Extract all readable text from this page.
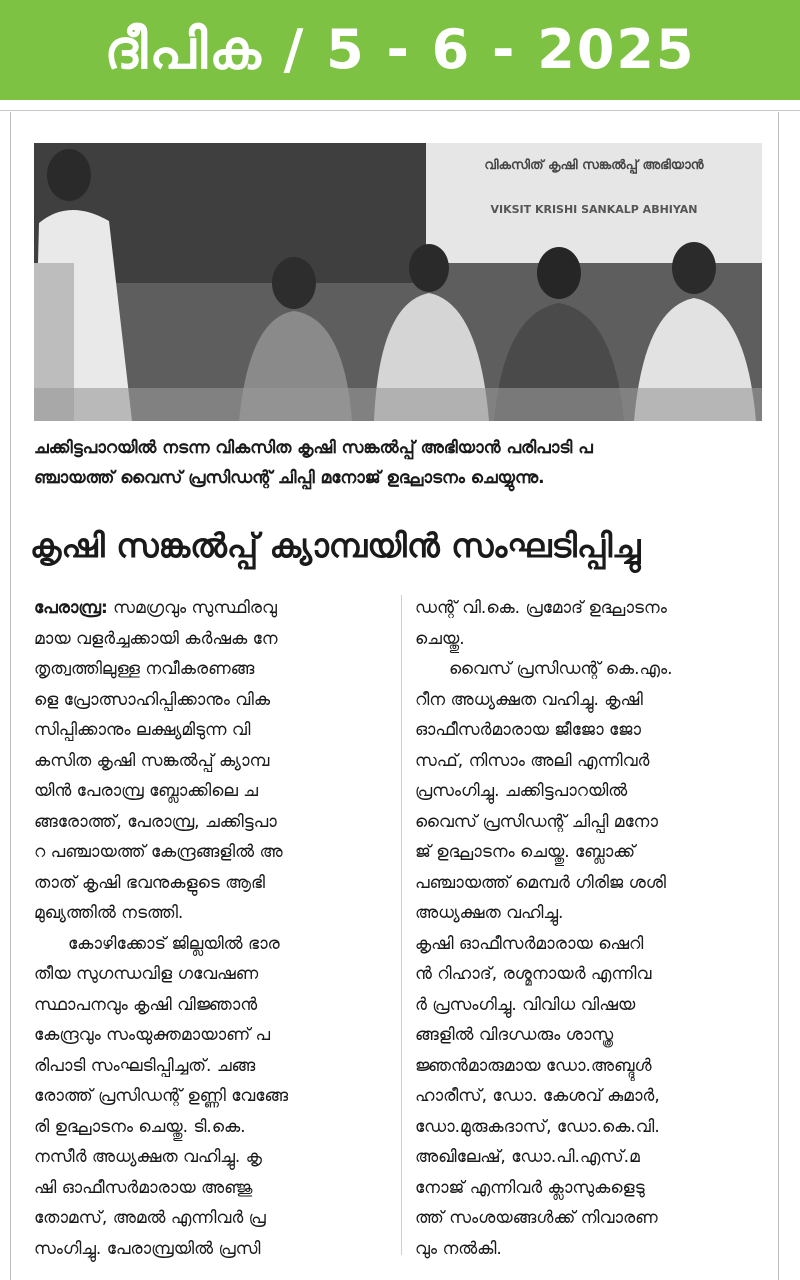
ദീപിക / 5 - 6 - 2025
വികസിത് കൃഷി സങ്കൽപ്പ് അഭിയാൻ
VIKSIT KRISHI SANKALP ABHIYAN
ചക്കിട്ടപാറയിൽ നടന്ന വികസിത കൃഷി സങ്കൽപ്പ് അഭിയാൻ പരിപാടി പ
ഞ്ചായത്ത് വൈസ് പ്രസിഡന്റ് ചിപ്പി മനോജ് ഉദ്ഘാടനം ചെയ്യുന്നു.
കൃഷി സങ്കൽപ്പ് ക്യാമ്പയിൻ സംഘടിപ്പിച്ചു
പേരാമ്പ്ര: സമഗ്രവും സുസ്ഥിരവു
മായ വളർച്ചക്കായി കർഷക നേ
തൃത്വത്തിലുള്ള നവീകരണങ്ങ
ളെ പ്രോത്സാഹിപ്പിക്കാനും വിക
സിപ്പിക്കാനും ലക്ഷ്യമിടുന്ന വി
കസിത കൃഷി സങ്കൽപ്പ് ക്യാമ്പ
യിൻ പേരാമ്പ്ര ബ്ലോക്കിലെ ച
ങ്ങരോത്ത്, പേരാമ്പ്ര, ചക്കിട്ടപാ
റ പഞ്ചായത്ത് കേന്ദ്രങ്ങളിൽ അ
താത് കൃഷി ഭവനുകളുടെ ആഭി
മുഖ്യത്തിൽ നടത്തി.
കോഴിക്കോട് ജില്ലയിൽ ഭാര
തീയ സുഗന്ധവിള ഗവേഷണ
സ്ഥാപനവും കൃഷി വിജ്ഞാൻ
കേന്ദ്രവും സംയുക്തമായാണ് പ
രിപാടി സംഘടിപ്പിച്ചത്. ചങ്ങ
രോത്ത് പ്രസിഡന്റ് ഉണ്ണി വേങ്ങേ
രി ഉദ്ഘാടനം ചെയ്തു. ടി.കെ.
നസീർ അധ്യക്ഷത വഹിച്ചു. കൃ
ഷി ഓഫീസർമാരായ അഞ്ജു
തോമസ്, അമൽ എന്നിവർ പ്ര
സംഗിച്ചു. പേരാമ്പ്രയിൽ പ്രസി
ഡന്റ് വി.കെ. പ്രമോദ് ഉദ്ഘാടനം
ചെയ്തു.
വൈസ് പ്രസിഡന്റ് കെ.എം.
റീന അധ്യക്ഷത വഹിച്ചു. കൃഷി
ഓഫീസർമാരായ ജീജോ ജോ
സഫ്, നിസാം അലി എന്നിവർ
പ്രസംഗിച്ചു. ചക്കിട്ടപാറയിൽ
വൈസ് പ്രസിഡന്റ് ചിപ്പി മനോ
ജ് ഉദ്ഘാടനം ചെയ്തു. ബ്ലോക്ക്
പഞ്ചായത്ത് മെമ്പർ ഗിരിജ ശശി
അധ്യക്ഷത വഹിച്ചു.
കൃഷി ഓഫീസർമാരായ ഷെറി
ൻ റിഹാദ്, രശ്മനായർ എന്നിവ
ർ പ്രസംഗിച്ചു. വിവിധ വിഷയ
ങ്ങളിൽ വിദഗ്ധരും ശാസ്ത്ര
ജ്ഞൻമാരുമായ ഡോ.അബ്ദുൾ
ഹാരീസ്, ഡോ. കേശവ് കുമാർ,
ഡോ.മുരുകദാസ്, ഡോ.കെ.വി.
അഖിലേഷ്, ഡോ.പി.എസ്.മ
നോജ് എന്നിവർ ക്ലാസുകളെടു
ത്ത് സംശയങ്ങൾക്ക് നിവാരണ
വും നൽകി.
